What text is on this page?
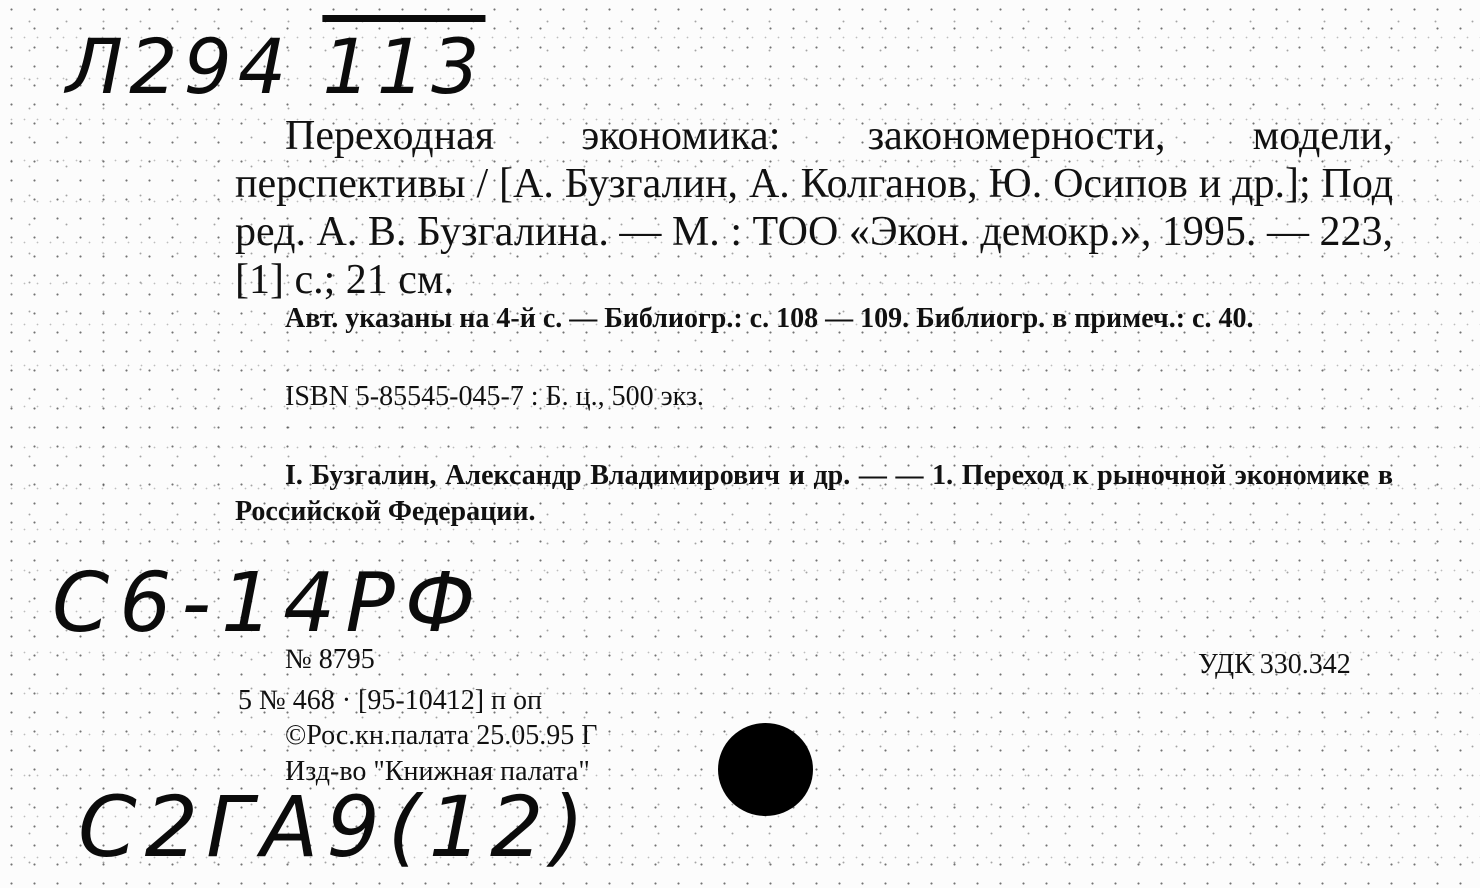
Л294 113

Переходная экономика: закономерности, модели, перспективы / [А. Бузгалин, А. Колганов, Ю. Осипов и др.]; Под ред. А. В. Бузгалина. — М. : ТОО «Экон. демокр.», 1995. — 223,[1] с.; 21 см.

Авт. указаны на 4-й с. — Библиогр.: с. 108 — 109. Библиогр. в примеч.: с. 40.

ISBN 5-85545-045-7 : Б. ц., 500 экз.

I. Бузгалин, Александр Владимирович и др. — — 1. Переход к рыночной экономике в Российской Федерации.

С6-14РФ

№ 8795	УДК 330.342

5 № 468 · [95-10412] п оп

©Рос.кн.палата 25.05.95 Г

Изд-во "Книжная палата"

С2ГА9(12)
